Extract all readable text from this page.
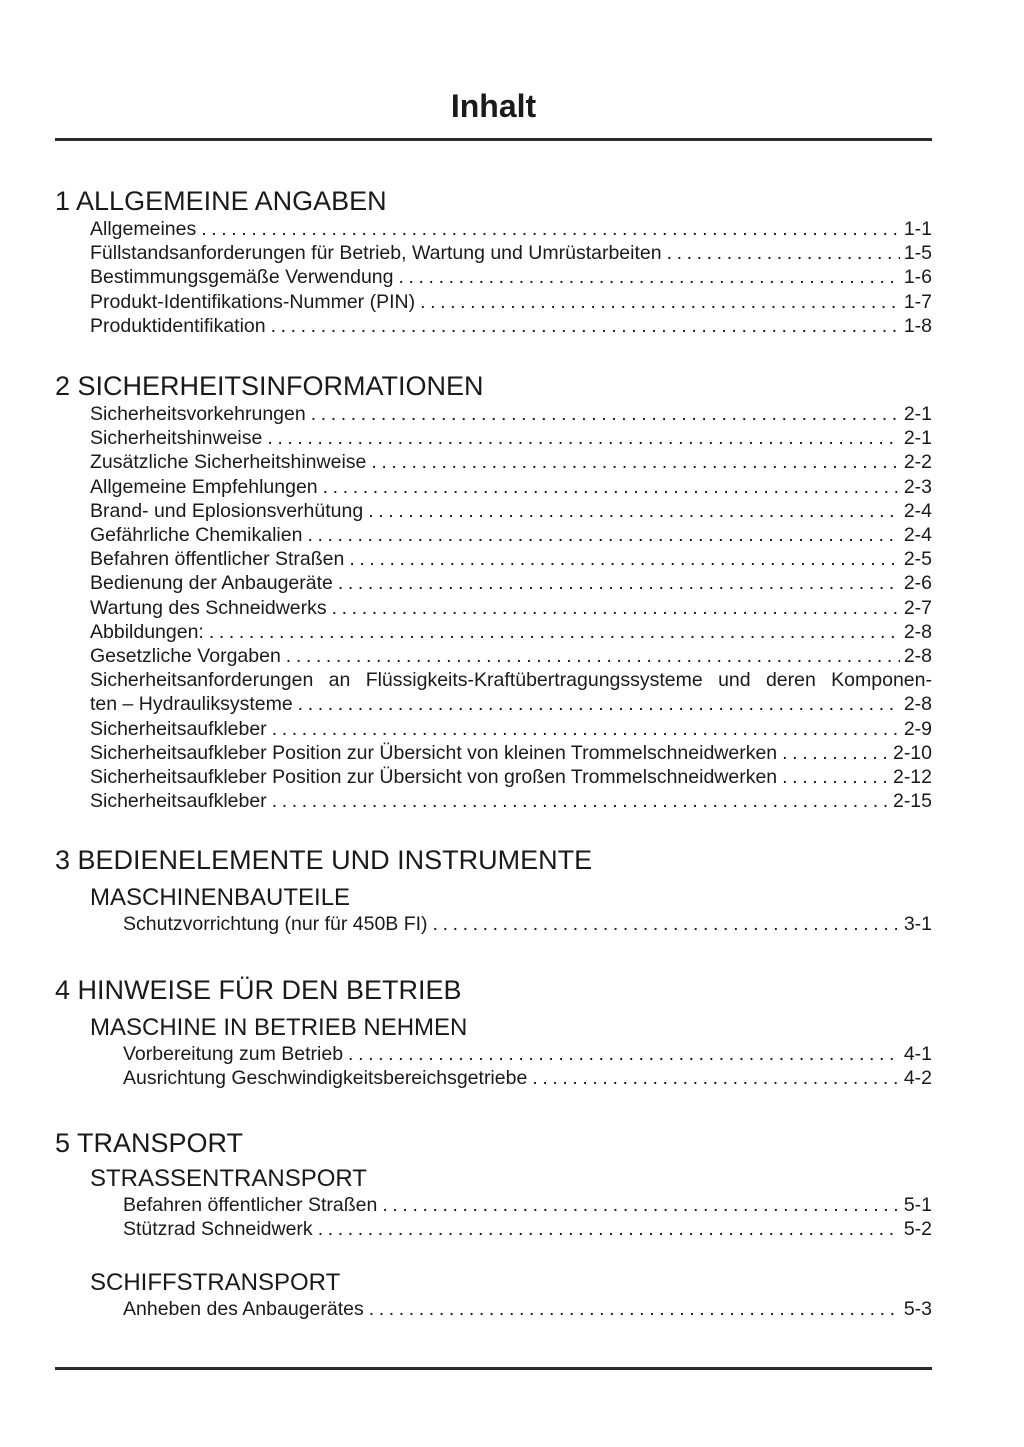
Inhalt
1 ALLGEMEINE ANGABEN
Allgemeines .....	1-1
Füllstandsanforderungen für Betrieb, Wartung und Umrüstarbeiten .....	1-5
Bestimmungsgemäße Verwendung .....	1-6
Produkt-Identifikations-Nummer (PIN) .....	1-7
Produktidentifikation .....	1-8
2 SICHERHEITSINFORMATIONEN
Sicherheitsvorkehrungen .....	2-1
Sicherheitshinweise .....	2-1
Zusätzliche Sicherheitshinweise .....	2-2
Allgemeine Empfehlungen .....	2-3
Brand- und Eplosionsverhütung .....	2-4
Gefährliche Chemikalien .....	2-4
Befahren öffentlicher Straßen .....	2-5
Bedienung der Anbaugeräte .....	2-6
Wartung des Schneidwerks .....	2-7
Abbildungen: .....	2-8
Gesetzliche Vorgaben .....	2-8
Sicherheitsanforderungen an Flüssigkeits-Kraftübertragungssysteme und deren Komponen-
ten – Hydrauliksysteme .....	2-8
Sicherheitsaufkleber .....	2-9
Sicherheitsaufkleber Position zur Übersicht von kleinen Trommelschneidwerken .....	2-10
Sicherheitsaufkleber Position zur Übersicht von großen Trommelschneidwerken .....	2-12
Sicherheitsaufkleber .....	2-15
3 BEDIENELEMENTE UND INSTRUMENTE
MASCHINENBAUTEILE
Schutzvorrichtung (nur für 450B FI) .....	3-1
4 HINWEISE FÜR DEN BETRIEB
MASCHINE IN BETRIEB NEHMEN
Vorbereitung zum Betrieb .....	4-1
Ausrichtung Geschwindigkeitsbereichsgetriebe .....	4-2
5 TRANSPORT
STRASSENTRANSPORT
Befahren öffentlicher Straßen .....	5-1
Stützrad Schneidwerk .....	5-2
SCHIFFSTRANSPORT
Anheben des Anbaugerätes .....	5-3
